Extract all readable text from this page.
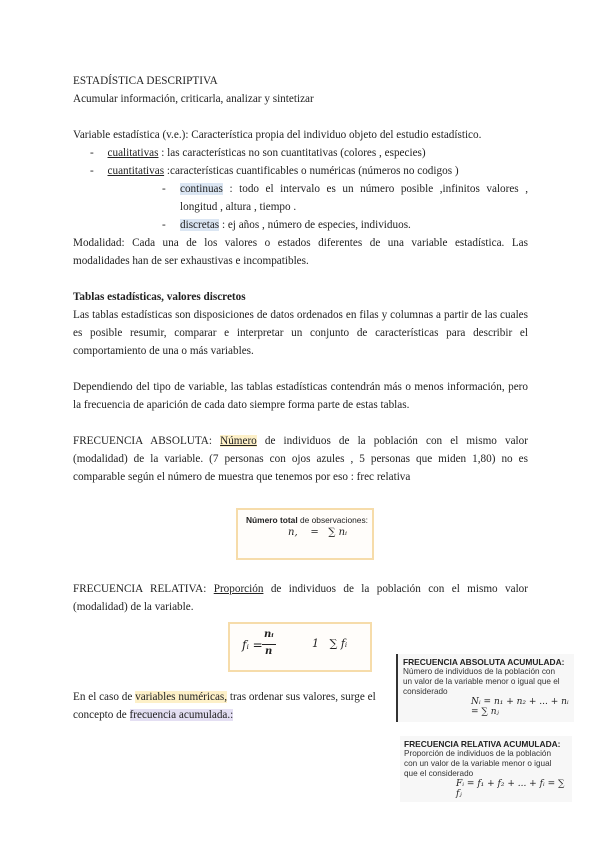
ESTADÍSTICA DESCRIPTIVA
Acumular información, criticarla, analizar y sintetizar
Variable estadística (v.e.): Característica propia del individuo objeto del estudio estadístico.
- cualitativas : las características no son cuantitativas (colores , especies)
- cuantitativas :características cuantificables o numéricas (números no codigos )
- continuas : todo el intervalo es un número posible ,infinitos valores ,
longitud , altura , tiempo .
- discretas : ej años , número de especies, individuos.
Modalidad: Cada una de los valores o estados diferentes de una variable estadística. Las
modalidades han de ser exhaustivas e incompatibles.
Tablas estadísticas, valores discretos
Las tablas estadísticas son disposiciones de datos ordenados en filas y columnas a partir de las cuales
es posible resumir, comparar e interpretar un conjunto de características para describir el
comportamiento de una o más variables.
Dependiendo del tipo de variable, las tablas estadísticas contendrán más o menos información, pero
la frecuencia de aparición de cada dato siempre forma parte de estas tablas.
FRECUENCIA ABSOLUTA: Número de individuos de la población con el mismo valor
(modalidad) de la variable. (7 personas con ojos azules , 5 personas que miden 1,80) no es
comparable según el número de muestra que tenemos por eso : frec relativa
Número total de observaciones:
n,    =   ∑ nᵢ
FRECUENCIA RELATIVA: Proporción de individuos de la población con el mismo valor
(modalidad) de la variable.
fᵢ =
nᵢ
n
1   ∑ fᵢ
En el caso de variables numéricas, tras ordenar sus valores, surge el
concepto de frecuencia acumulada.:
FRECUENCIA ABSOLUTA ACUMULADA:
Número de individuos de la población con
un valor de la variable menor o igual que el
considerado
Nᵢ = n₁ + n₂ + ... + nᵢ = ∑ nⱼ
FRECUENCIA RELATIVA ACUMULADA:
Proporción de individuos de la población
con un valor de la variable menor o igual
que el considerado
Fᵢ = f₁ + f₂ + ... + fᵢ = ∑ fⱼ
